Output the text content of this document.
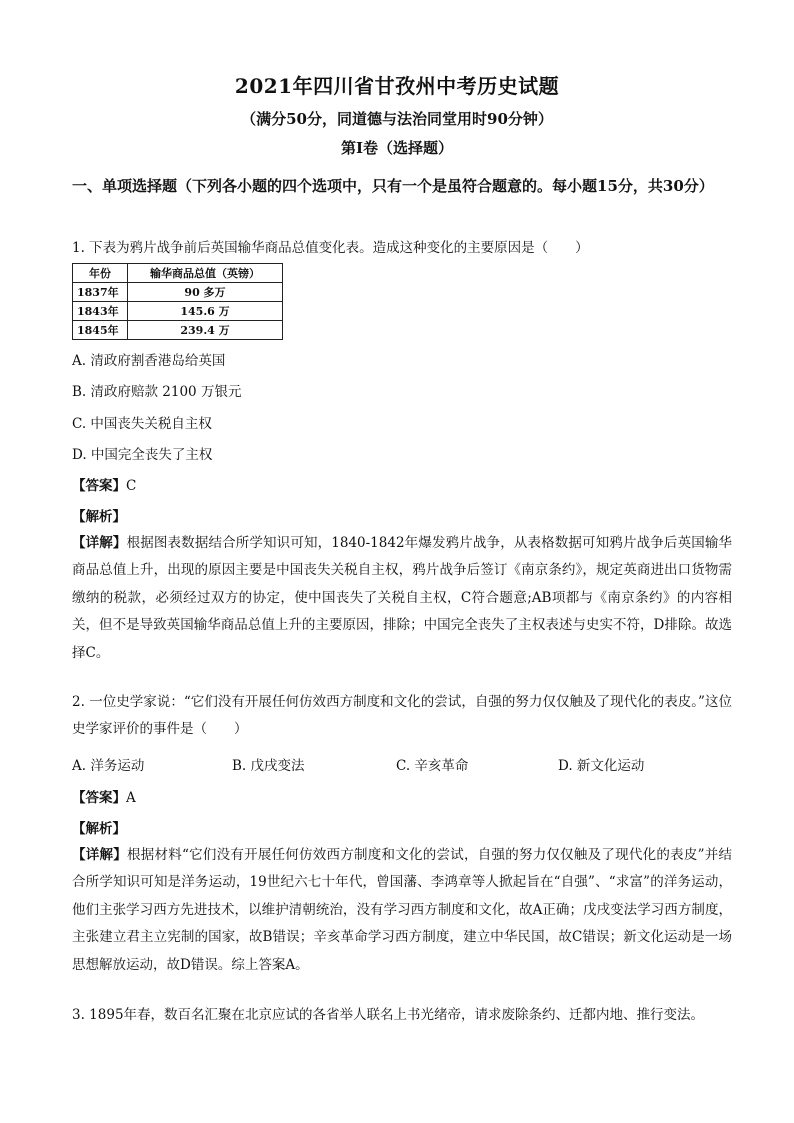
2021年四川省甘孜州中考历史试题
（满分50分，同道德与法治同堂用时90分钟）
第I卷（选择题）
一、单项选择题（下列各小题的四个选项中，只有一个是虽符合题意的。每小题15分，共30分）
1. 下表为鸦片战争前后英国输华商品总值变化表。造成这种变化的主要原因是（　　）
年份	输华商品总值（英镑）
1837年	90 多万
1843年	145.6 万
1845年	239.4 万
A. 清政府割香港岛给英国
B. 清政府赔款 2100 万银元
C. 中国丧失关税自主权
D. 中国完全丧失了主权
【答案】C
【解析】
【详解】根据图表数据结合所学知识可知，1840-1842年爆发鸦片战争，从表格数据可知鸦片战争后英国输华商品总值上升，出现的原因主要是中国丧失关税自主权，鸦片战争后签订《南京条约》，规定英商进出口货物需缴纳的税款，必须经过双方的协定，使中国丧失了关税自主权，C符合题意;AB项都与《南京条约》的内容相关，但不是导致英国输华商品总值上升的主要原因，排除；中国完全丧失了主权表述与史实不符，D排除。故选择C。
2. 一位史学家说：“它们没有开展任何仿效西方制度和文化的尝试，自强的努力仅仅触及了现代化的表皮。”这位史学家评价的事件是（　　）
A. 洋务运动	B. 戊戌变法	C. 辛亥革命	D. 新文化运动
【答案】A
【解析】
【详解】根据材料“它们没有开展任何仿效西方制度和文化的尝试，自强的努力仅仅触及了现代化的表皮”并结合所学知识可知是洋务运动，19世纪六七十年代，曾国藩、李鸿章等人掀起旨在“自强”、“求富”的洋务运动，他们主张学习西方先进技术，以维护清朝统治，没有学习西方制度和文化，故A正确；戊戌变法学习西方制度，主张建立君主立宪制的国家，故B错误；辛亥革命学习西方制度，建立中华民国，故C错误；新文化运动是一场思想解放运动，故D错误。综上答案A。
3. 1895年春，数百名汇聚在北京应试的各省举人联名上书光绪帝，请求废除条约、迁都内地、推行变法。
